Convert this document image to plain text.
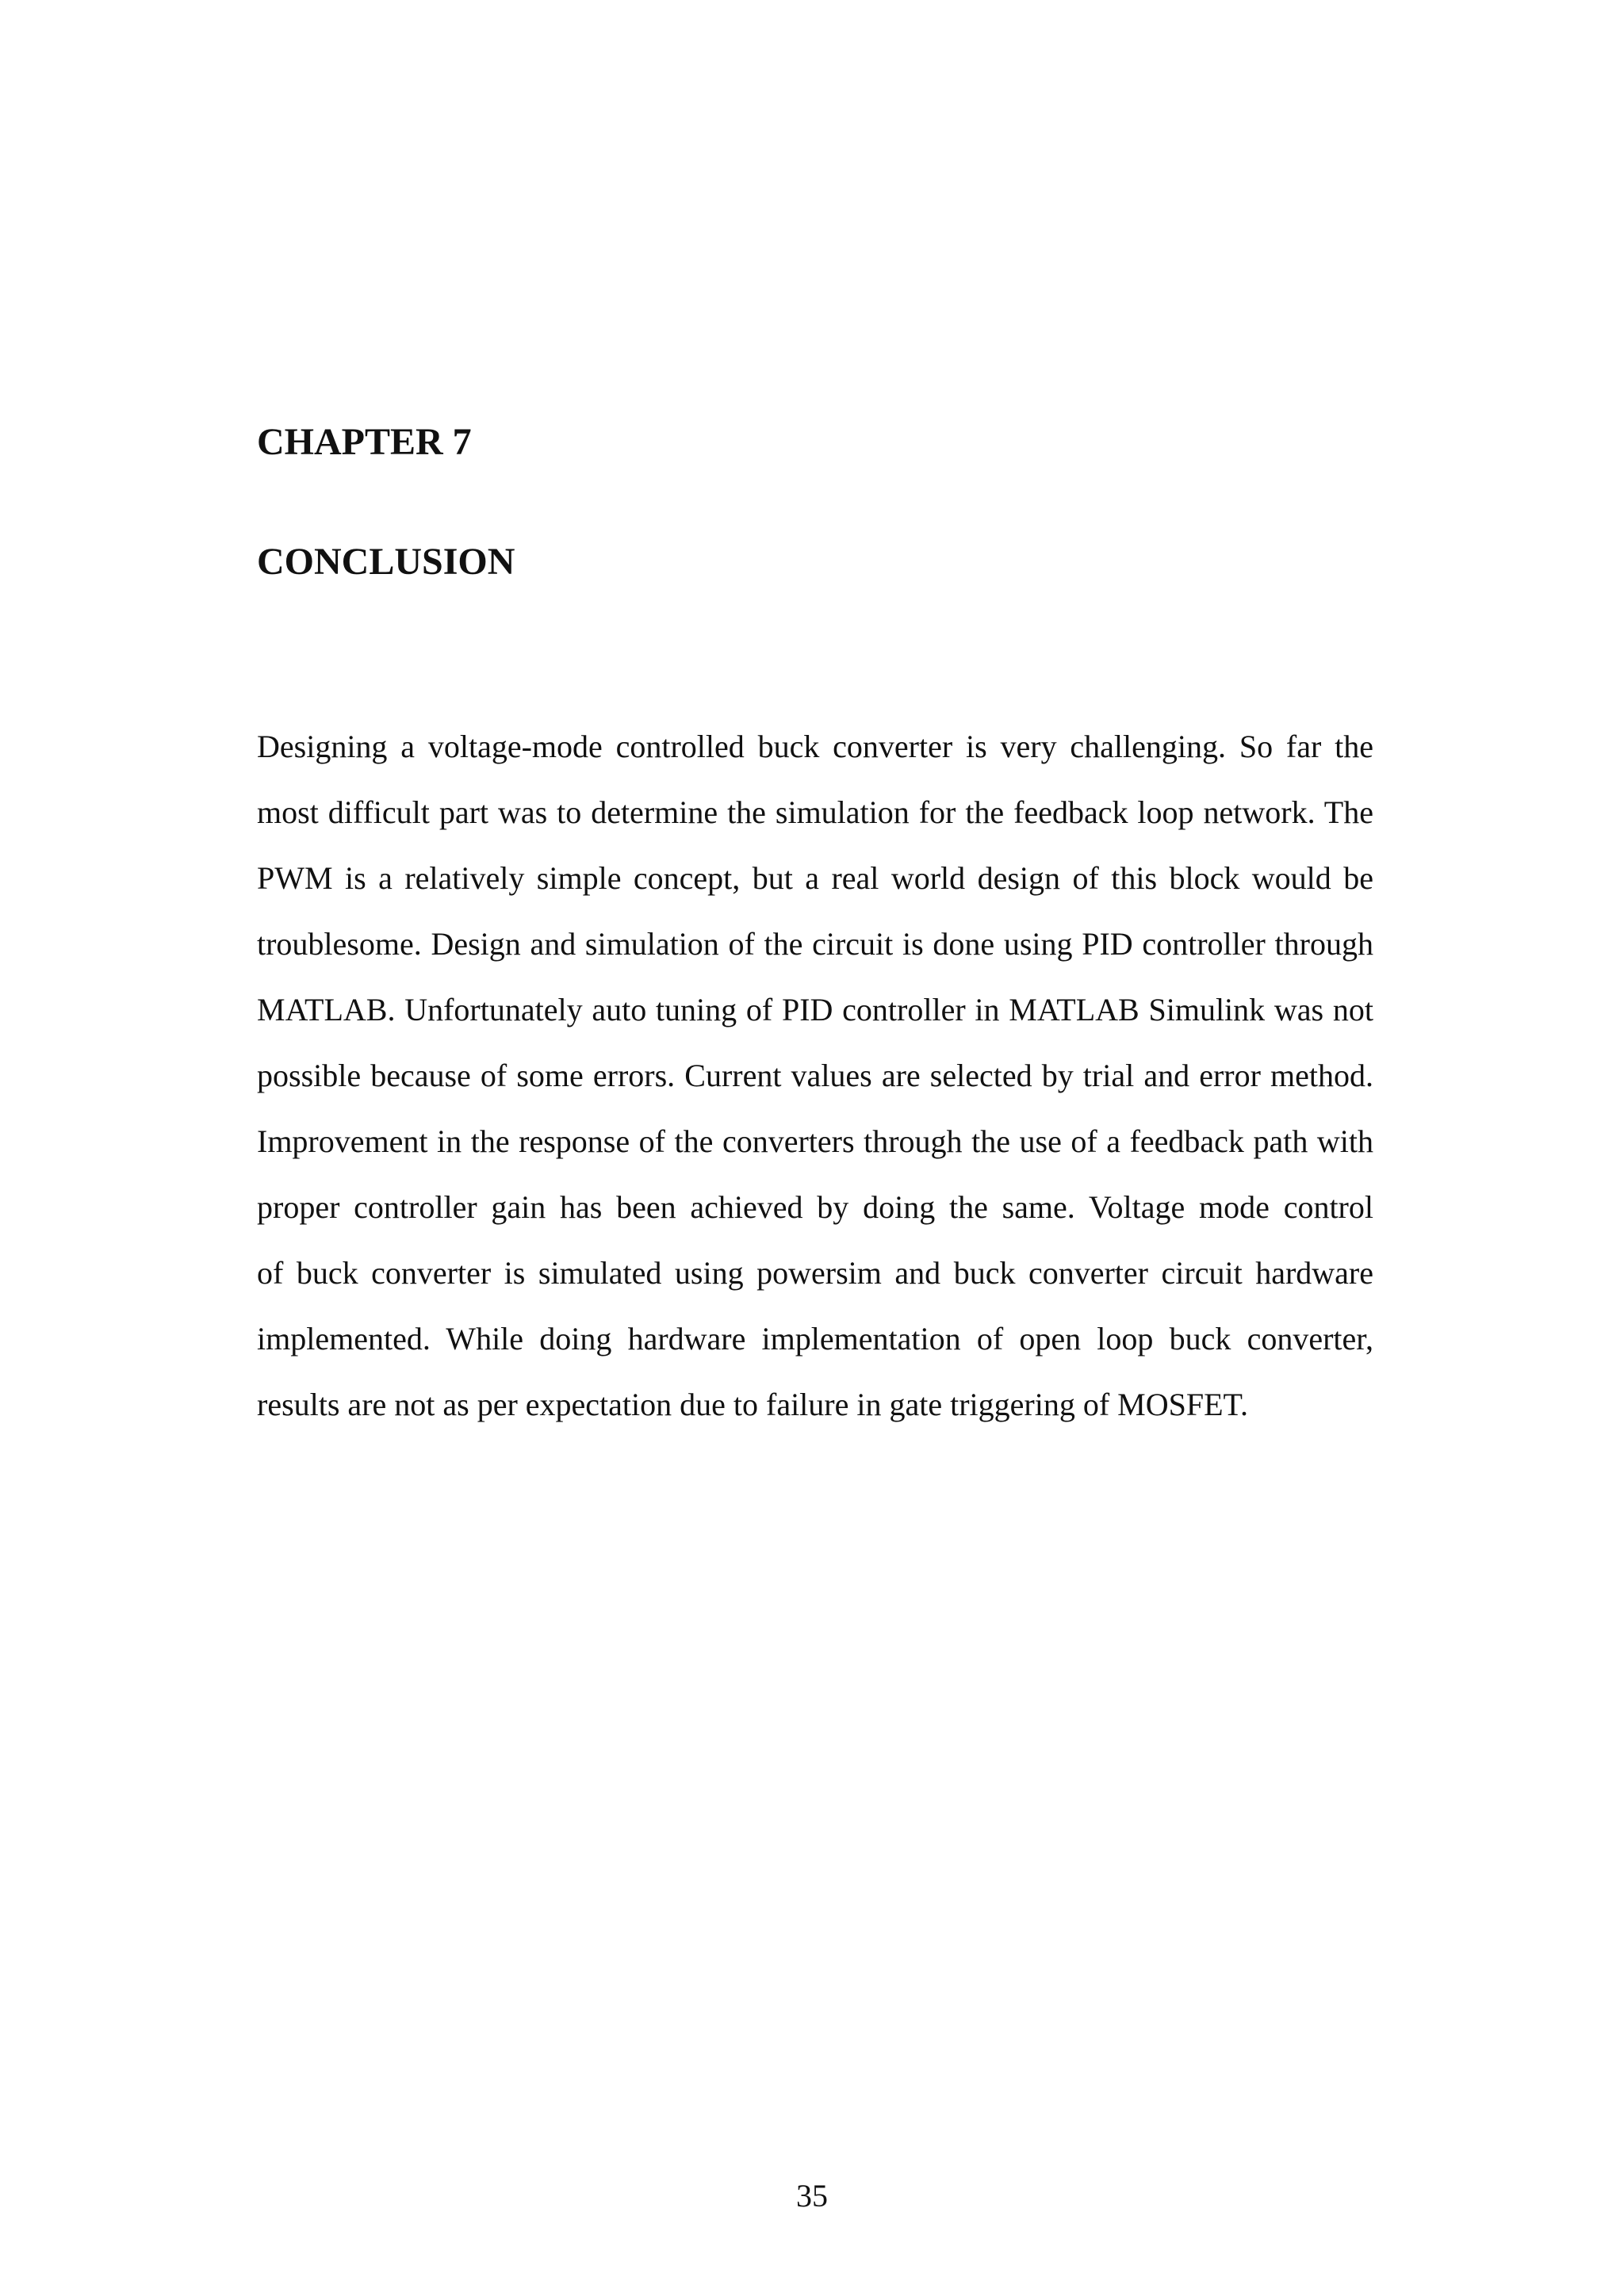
CHAPTER 7
CONCLUSION
Designing a voltage-mode controlled buck converter is very challenging. So far the
most difficult part was to determine the simulation for the feedback loop network. The
PWM is a relatively simple concept, but a real world design of this block would be
troublesome. Design and simulation of the circuit is done using PID controller through
MATLAB. Unfortunately auto tuning of PID controller in MATLAB Simulink was not
possible because of some errors. Current values are selected by trial and error method.
Improvement in the response of the converters through the use of a feedback path with
proper controller gain has been achieved by doing the same. Voltage mode control
of buck converter is simulated using powersim and buck converter circuit hardware
implemented. While doing hardware implementation of open loop buck converter,
results are not as per expectation due to failure in gate triggering of MOSFET.

35
